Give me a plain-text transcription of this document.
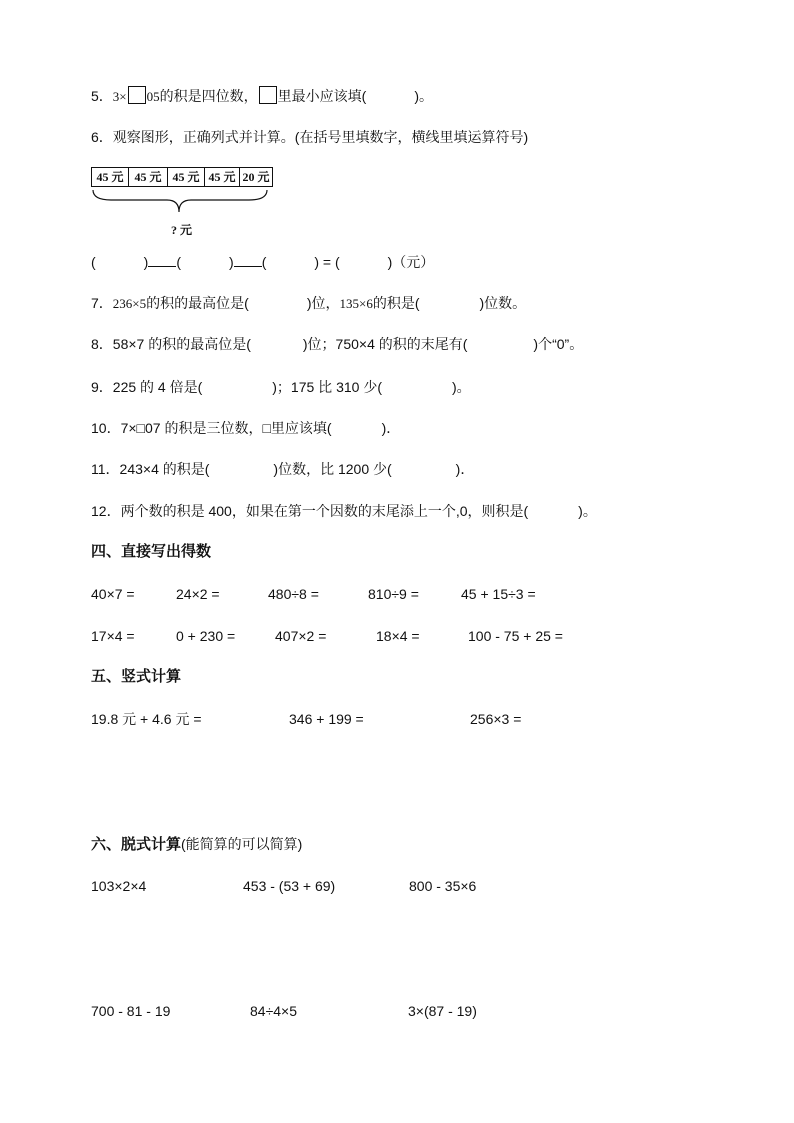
5．3× 05的积是四位数， 里最小应该填(	)。
6．观察图形，正确列式并计算。(在括号里填数字，横线里填运算符号)
45 元 45 元 45 元 45 元 20 元
? 元
(	) (	) (	) = (	)（元）
7．236×5的积的最高位是(	)位，135×6的积是(	)位数。
8．58×7 的积的最高位是(	)位；750×4 的积的末尾有(	)个“0”。
9．225 的 4 倍是(	)；175 比 310 少(	)。
10．7×□07 的积是三位数，□里应该填(	)．
11．243×4 的积是(	)位数，比 1200 少(	)．
12．两个数的积是 400，如果在第一个因数的末尾添上一个,0，则积是(	)。
四、直接写出得数
40×7 =	24×2 =	480÷8 =	810÷9 =	45 + 15÷3 =
17×4 =	0 + 230 =	407×2 =	18×4 =	100 - 75 + 25 =
五、竖式计算
19.8 元 + 4.6 元 =	346 + 199 =	256×3 =
六、脱式计算(能简算的可以简算)
103×2×4	453 - (53 + 69)	800 - 35×6
700 - 81 - 19	84÷4×5	3×(87 - 19)
